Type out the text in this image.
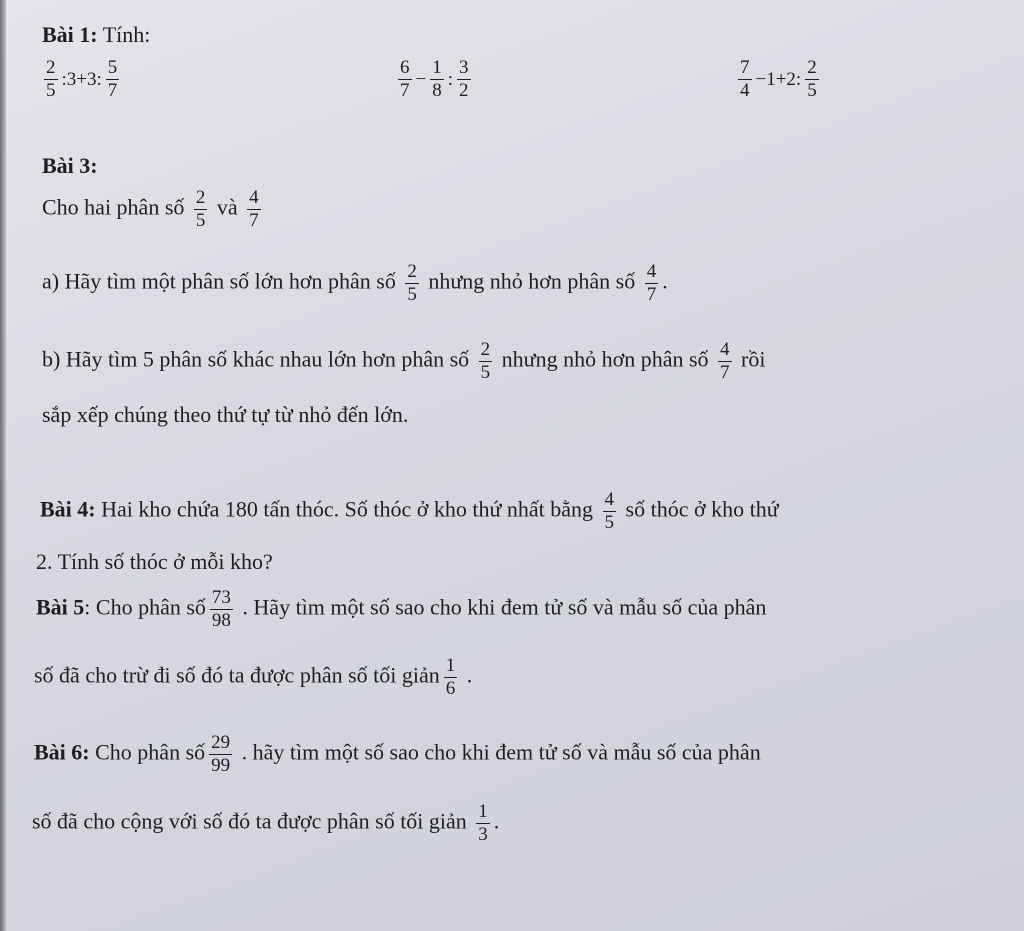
Bài 1: Tính:
$\frac{2}{5}$ :3+3: $\frac{5}{7}$	$\frac{6}{7} - \frac{1}{8}$ : $\frac{3}{2}$	$\frac{7}{4} -1+2$: $\frac{2}{5}$
Bài 3:
Cho hai phân số $\frac{2}{5}$ và $\frac{4}{7}$
a) Hãy tìm một phân số lớn hơn phân số $\frac{2}{5}$ nhưng nhỏ hơn phân số $\frac{4}{7}$ .
b) Hãy tìm 5 phân số khác nhau lớn hơn phân số $\frac{2}{5}$ nhưng nhỏ hơn phân số $\frac{4}{7}$ rồi
sắp xếp chúng theo thứ tự từ nhỏ đến lớn.
Bài 4: Hai kho chứa 180 tấn thóc. Số thóc ở kho thứ nhất bằng $\frac{4}{5}$ số thóc ở kho thứ
2. Tính số thóc ở mỗi kho?
Bài 5: Cho phân số $\frac{73}{98}$ . Hãy tìm một số sao cho khi đem tử số và mẫu số của phân
số đã cho trừ đi số đó ta được phân số tối giản $\frac{1}{6}$ .
Bài 6: Cho phân số $\frac{29}{99}$ . hãy tìm một số sao cho khi đem tử số và mẫu số của phân
số đã cho cộng với số đó ta được phân số tối giản $\frac{1}{3}$ .
